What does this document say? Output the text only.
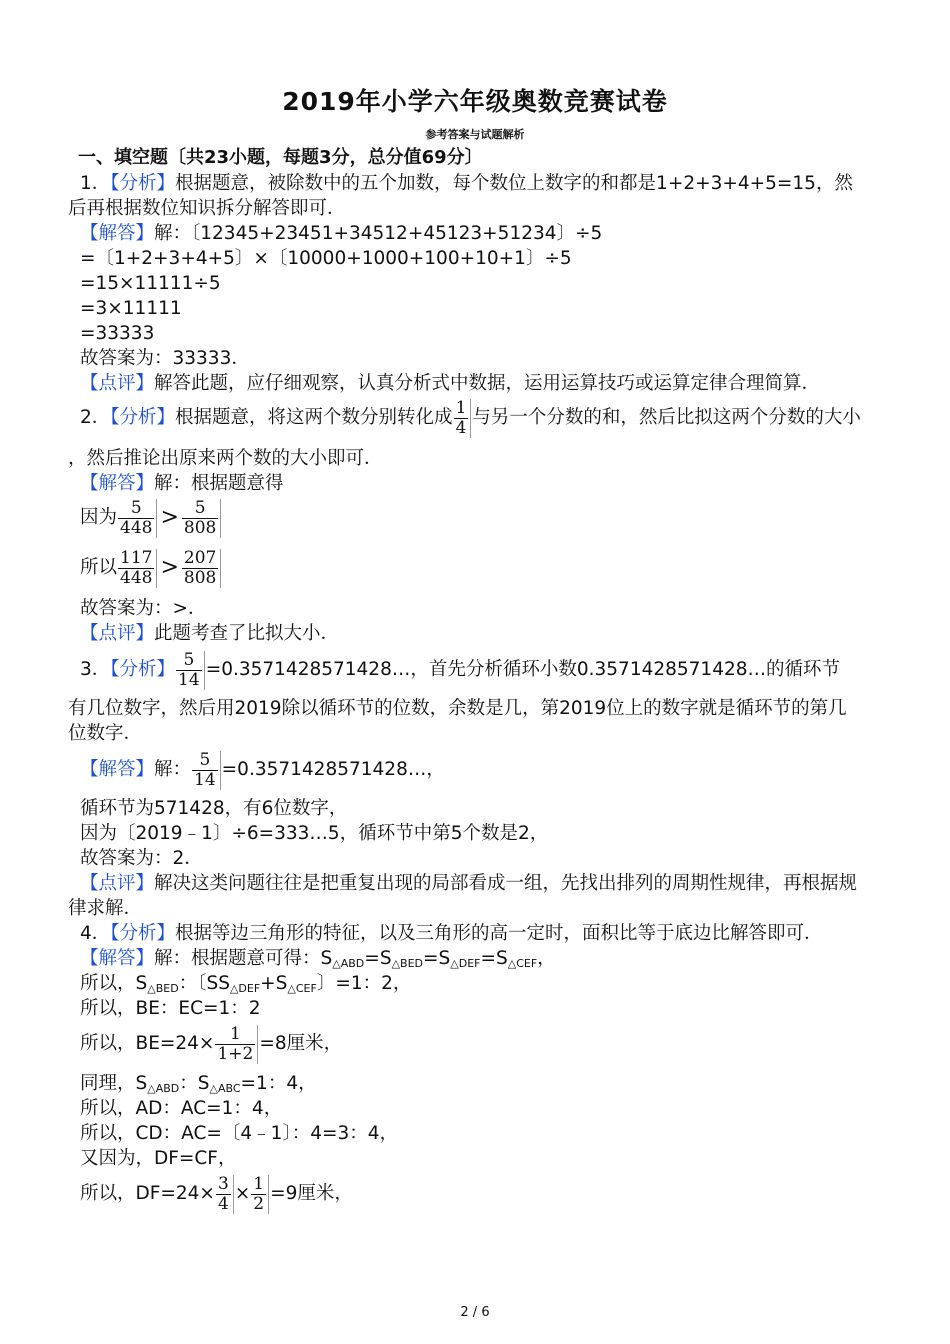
2019年小学六年级奥数竞赛试卷
参考答案与试题解析
一、填空题〔共23小题，每题3分，总分值69分〕
1．【分析】根据题意，被除数中的五个加数，每个数位上数字的和都是1+2+3+4+5=15，然
后再根据数位知识拆分解答即可．
【解答】解：〔12345+23451+34512+45123+51234〕÷5
=〔1+2+3+4+5〕×〔10000+1000+100+10+1〕÷5
=15×11111÷5
=3×11111
=33333
故答案为：33333．
【点评】解答此题，应仔细观察，认真分析式中数据，运用运算技巧或运算定律合理简算．
2．【分析】根据题意，将这两个数分别转化成 $\frac{1}{4}$ 与另一个分数的和，然后比拟这两个分数的大小
，然后推论出原来两个数的大小即可．
【解答】解：根据题意得
因为 $\frac{5}{448} > \frac{5}{808}$
所以 $\frac{117}{448} > \frac{207}{808}$
故答案为：>．
【点评】此题考查了比拟大小．
3．【分析】 $\frac{5}{14}$ =0.3571428571428…，首先分析循环小数0.3571428571428…的循环节
有几位数字，然后用2019除以循环节的位数，余数是几，第2019位上的数字就是循环节的第几
位数字．
【解答】解： $\frac{5}{14}$ =0.3571428571428…，
循环节为571428，有6位数字，
因为〔2019﹣1〕÷6=333…5，循环节中第5个数是2，
故答案为：2．
【点评】解决这类问题往往是把重复出现的局部看成一组，先找出排列的周期性规律，再根据规
律求解．
4．【分析】根据等边三角形的特征，以及三角形的高一定时，面积比等于底边比解答即可．
【解答】解：根据题意可得：$S_{\triangle ABD}=S_{\triangle BED}=S_{\triangle DEF}=S_{\triangle CEF}$，
所以，$S_{\triangle BED}$：〔$SS_{\triangle DEF}+S_{\triangle CEF}$〕=1：2，
所以，BE：EC=1：2
所以，$BE=24\times \frac{1}{1+2} =8$厘米，
同理，$S_{\triangle ABD}$：$S_{\triangle ABC}=1$：4，
所以，AD：AC=1：4，
所以，CD：AC=〔4﹣1〕：4=3：4，
又因为，DF=CF，
所以，$DF=24\times \frac{3}{4} \times \frac{1}{2} =9$厘米，
2 / 6
